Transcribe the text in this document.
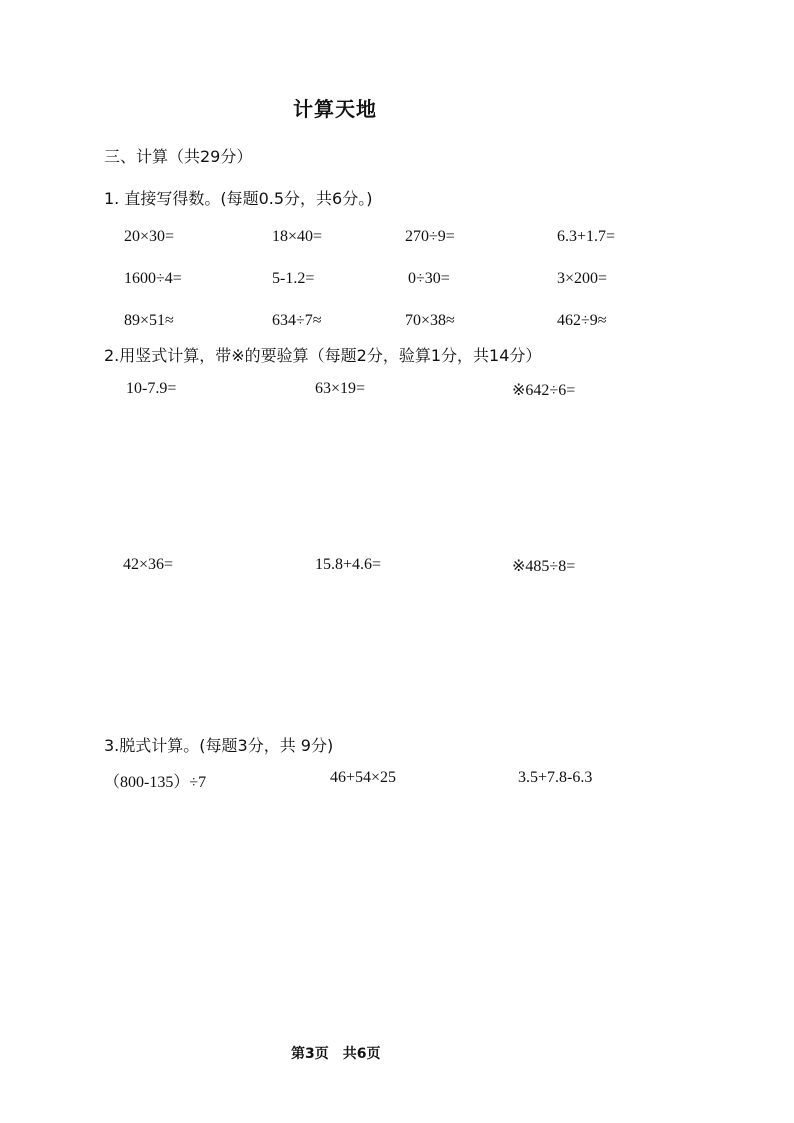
计算天地
三、计算（共29分）
1. 直接写得数。(每题0.5分，共6分。)
20×30=	18×40=	270÷9=	6.3+1.7=
1600÷4=	5-1.2=	0÷30=	3×200=
89×51≈	634÷7≈	70×38≈	462÷9≈
2.用竖式计算，带※的要验算（每题2分，验算1分，共14分）
10-7.9=	63×19=	※642÷6=
42×36=	15.8+4.6=	※485÷8=
3.脱式计算。(每题3分，共 9分)
（800-135）÷7	46+54×25	3.5+7.8-6.3
第3页　共6页
